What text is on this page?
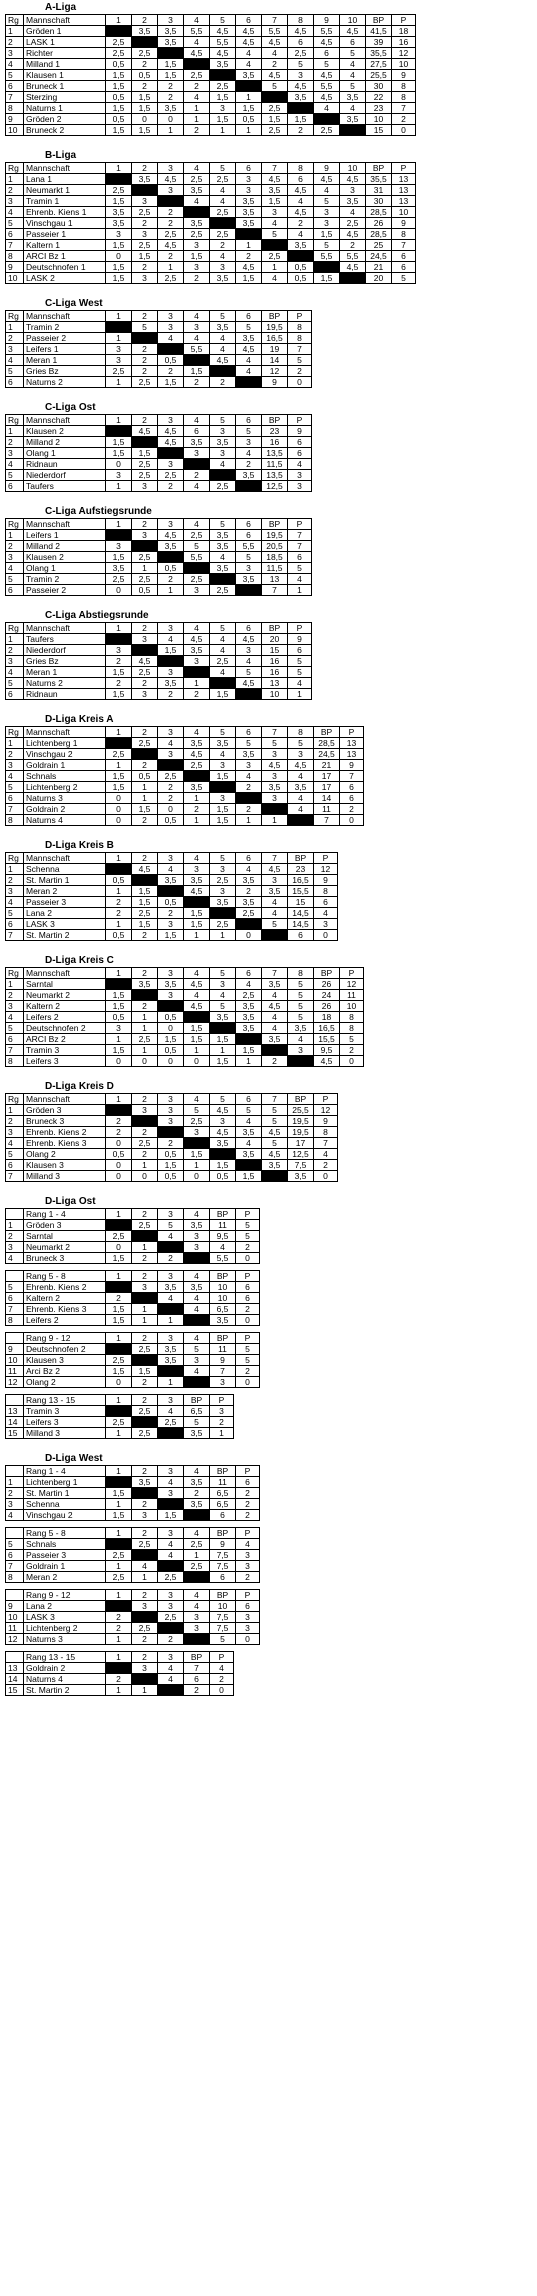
A-Liga
Rg	Mannschaft	1	2	3	4	5	6	7	8	9	10	BP	P
1	Gröden 1		3,5	3,5	5,5	4,5	4,5	5,5	4,5	5,5	4,5	41,5	18
2	LASK 1	2,5		3,5	4	5,5	4,5	4,5	6	4,5	6	39	16
3	Richter	2,5	2,5		4,5	4,5	4	4	2,5	6	5	35,5	12
4	Milland 1	0,5	2	1,5		3,5	4	2	5	5	4	27,5	10
5	Klausen 1	1,5	0,5	1,5	2,5		3,5	4,5	3	4,5	4	25,5	9
6	Bruneck 1	1,5	2	2	2	2,5		5	4,5	5,5	5	30	8
7	Sterzing	0,5	1,5	2	4	1,5	1		3,5	4,5	3,5	22	8
8	Naturns 1	1,5	1,5	3,5	1	3	1,5	2,5		4	4	23	7
9	Gröden 2	0,5	0	0	1	1,5	0,5	1,5	1,5		3,5	10	2
10	Bruneck 2	1,5	1,5	1	2	1	1	2,5	2	2,5		15	0
B-Liga
Rg	Mannschaft	1	2	3	4	5	6	7	8	9	10	BP	P
1	Lana 1		3,5	4,5	2,5	2,5	3	4,5	6	4,5	4,5	35,5	13
2	Neumarkt 1	2,5		3	3,5	4	3	3,5	4,5	4	3	31	13
3	Tramin 1	1,5	3		4	4	3,5	1,5	4	5	3,5	30	13
4	Ehrenb. Kiens 1	3,5	2,5	2		2,5	3,5	3	4,5	3	4	28,5	10
5	Vinschgau 1	3,5	2	2	3,5		3,5	4	2	3	2,5	26	9
6	Passeier 1	3	3	2,5	2,5	2,5		5	4	1,5	4,5	28,5	8
7	Kaltern 1	1,5	2,5	4,5	3	2	1		3,5	5	2	25	7
8	ARCI Bz 1	0	1,5	2	1,5	4	2	2,5		5,5	5,5	24,5	6
9	Deutschnofen 1	1,5	2	1	3	3	4,5	1	0,5		4,5	21	6
10	LASK 2	1,5	3	2,5	2	3,5	1,5	4	0,5	1,5		20	5
C-Liga West
Rg	Mannschaft	1	2	3	4	5	6	BP	P
1	Tramin 2		5	3	3	3,5	5	19,5	8
2	Passeier 2	1		4	4	4	3,5	16,5	8
3	Leifers 1	3	2		5,5	4	4,5	19	7
4	Meran 1	3	2	0,5		4,5	4	14	5
5	Gries Bz	2,5	2	2	1,5		4	12	2
6	Naturns 2	1	2,5	1,5	2	2		9	0
C-Liga Ost
Rg	Mannschaft	1	2	3	4	5	6	BP	P
1	Klausen 2		4,5	4,5	6	3	5	23	9
2	Milland 2	1,5		4,5	3,5	3,5	3	16	6
3	Olang 1	1,5	1,5		3	3	4	13,5	6
4	Ridnaun	0	2,5	3		4	2	11,5	4
5	Niederdorf	3	2,5	2,5	2		3,5	13,5	3
6	Taufers	1	3	2	4	2,5		12,5	3
C-Liga Aufstiegsrunde
Rg	Mannschaft	1	2	3	4	5	6	BP	P
1	Leifers 1		3	4,5	2,5	3,5	6	19,5	7
2	Milland 2	3		3,5	5	3,5	5,5	20,5	7
3	Klausen 2	1,5	2,5		5,5	4	5	18,5	6
4	Olang 1	3,5	1	0,5		3,5	3	11,5	5
5	Tramin 2	2,5	2,5	2	2,5		3,5	13	4
6	Passeier 2	0	0,5	1	3	2,5		7	1
C-Liga Abstiegsrunde
Rg	Mannschaft	1	2	3	4	5	6	BP	P
1	Taufers		3	4	4,5	4	4,5	20	9
2	Niederdorf	3		1,5	3,5	4	3	15	6
3	Gries Bz	2	4,5		3	2,5	4	16	5
4	Meran 1	1,5	2,5	3		4	5	16	5
5	Naturns 2	2	2	3,5	1		4,5	13	4
6	Ridnaun	1,5	3	2	2	1,5		10	1
D-Liga Kreis A
Rg	Mannschaft	1	2	3	4	5	6	7	8	BP	P
1	Lichtenberg 1		2,5	4	3,5	3,5	5	5	5	28,5	13
2	Vinschgau 2	2,5		3	4,5	4	3,5	3	3	24,5	13
3	Goldrain 1	1	2		2,5	3	3	4,5	4,5	21	9
4	Schnals	1,5	0,5	2,5		1,5	4	3	4	17	7
5	Lichtenberg 2	1,5	1	2	3,5		2	3,5	3,5	17	6
6	Naturns 3	0	1	2	1	3		3	4	14	6
7	Goldrain 2	0	1,5	0	2	1,5	2		4	11	2
8	Naturns 4	0	2	0,5	1	1,5	1	1		7	0
D-Liga Kreis B
Rg	Mannschaft	1	2	3	4	5	6	7	BP	P
1	Schenna		4,5	4	3	3	4	4,5	23	12
2	St. Martin 1	0,5		3,5	3,5	2,5	3,5	3	16,5	9
3	Meran 2	1	1,5		4,5	3	2	3,5	15,5	8
4	Passeier 3	2	1,5	0,5		3,5	3,5	4	15	6
5	Lana 2	2	2,5	2	1,5		2,5	4	14,5	4
6	LASK 3	1	1,5	3	1,5	2,5		5	14,5	3
7	St. Martin 2	0,5	2	1,5	1	1	0		6	0
D-Liga Kreis C
Rg	Mannschaft	1	2	3	4	5	6	7	8	BP	P
1	Sarntal		3,5	3,5	4,5	3	4	3,5	5	26	12
2	Neumarkt 2	1,5		3	4	4	2,5	4	5	24	11
3	Kaltern 2	1,5	2		4,5	5	3,5	4,5	5	26	10
4	Leifers 2	0,5	1	0,5		3,5	3,5	4	5	18	8
5	Deutschnofen 2	3	1	0	1,5		3,5	4	3,5	16,5	8
6	ARCI Bz 2	1	2,5	1,5	1,5	1,5		3,5	4	15,5	5
7	Tramin 3	1,5	1	0,5	1	1	1,5		3	9,5	2
8	Leifers 3	0	0	0	0	1,5	1	2		4,5	0
D-Liga Kreis D
Rg	Mannschaft	1	2	3	4	5	6	7	BP	P
1	Gröden 3		3	3	5	4,5	5	5	25,5	12
2	Bruneck 3	2		3	2,5	3	4	5	19,5	9
3	Ehrenb. Kiens 2	2	2		3	4,5	3,5	4,5	19,5	8
4	Ehrenb. Kiens 3	0	2,5	2		3,5	4	5	17	7
5	Olang 2	0,5	2	0,5	1,5		3,5	4,5	12,5	4
6	Klausen 3	0	1	1,5	1	1,5		3,5	7,5	2
7	Milland 3	0	0	0,5	0	0,5	1,5		3,5	0
D-Liga Ost
	Rang 1 - 4	1	2	3	4	BP	P
1	Gröden 3		2,5	5	3,5	11	5
2	Sarntal	2,5		4	3	9,5	5
3	Neumarkt 2	0	1		3	4	2
4	Bruneck 3	1,5	2	2		5,5	0
	Rang 5 - 8	1	2	3	4	BP	P
5	Ehrenb. Kiens 2		3	3,5	3,5	10	6
6	Kaltern 2	2		4	4	10	6
7	Ehrenb. Kiens 3	1,5	1		4	6,5	2
8	Leifers 2	1,5	1	1		3,5	0
	Rang 9 - 12	1	2	3	4	BP	P
9	Deutschnofen 2		2,5	3,5	5	11	5
10	Klausen 3	2,5		3,5	3	9	5
11	Arci Bz 2	1,5	1,5		4	7	2
12	Olang 2	0	2	1		3	0
	Rang 13 - 15	1	2	3	BP	P
13	Tramin 3		2,5	4	6,5	3
14	Leifers 3	2,5		2,5	5	2
15	Milland 3	1	2,5		3,5	1
D-Liga West
	Rang 1 - 4	1	2	3	4	BP	P
1	Lichtenberg 1		3,5	4	3,5	11	6
2	St. Martin 1	1,5		3	2	6,5	2
3	Schenna	1	2		3,5	6,5	2
4	Vinschgau 2	1,5	3	1,5		6	2
	Rang 5 - 8	1	2	3	4	BP	P
5	Schnals		2,5	4	2,5	9	4
6	Passeier 3	2,5		4	1	7,5	3
7	Goldrain 1	1	4		2,5	7,5	3
8	Meran 2	2,5	1	2,5		6	2
	Rang 9 - 12	1	2	3	4	BP	P
9	Lana 2		3	3	4	10	6
10	LASK 3	2		2,5	3	7,5	3
11	Lichtenberg 2	2	2,5		3	7,5	3
12	Naturns 3	1	2	2		5	0
	Rang 13 - 15	1	2	3	BP	P
13	Goldrain 2		3	4	7	4
14	Naturns 4	2		4	6	2
15	St. Martin 2	1	1		2	0
